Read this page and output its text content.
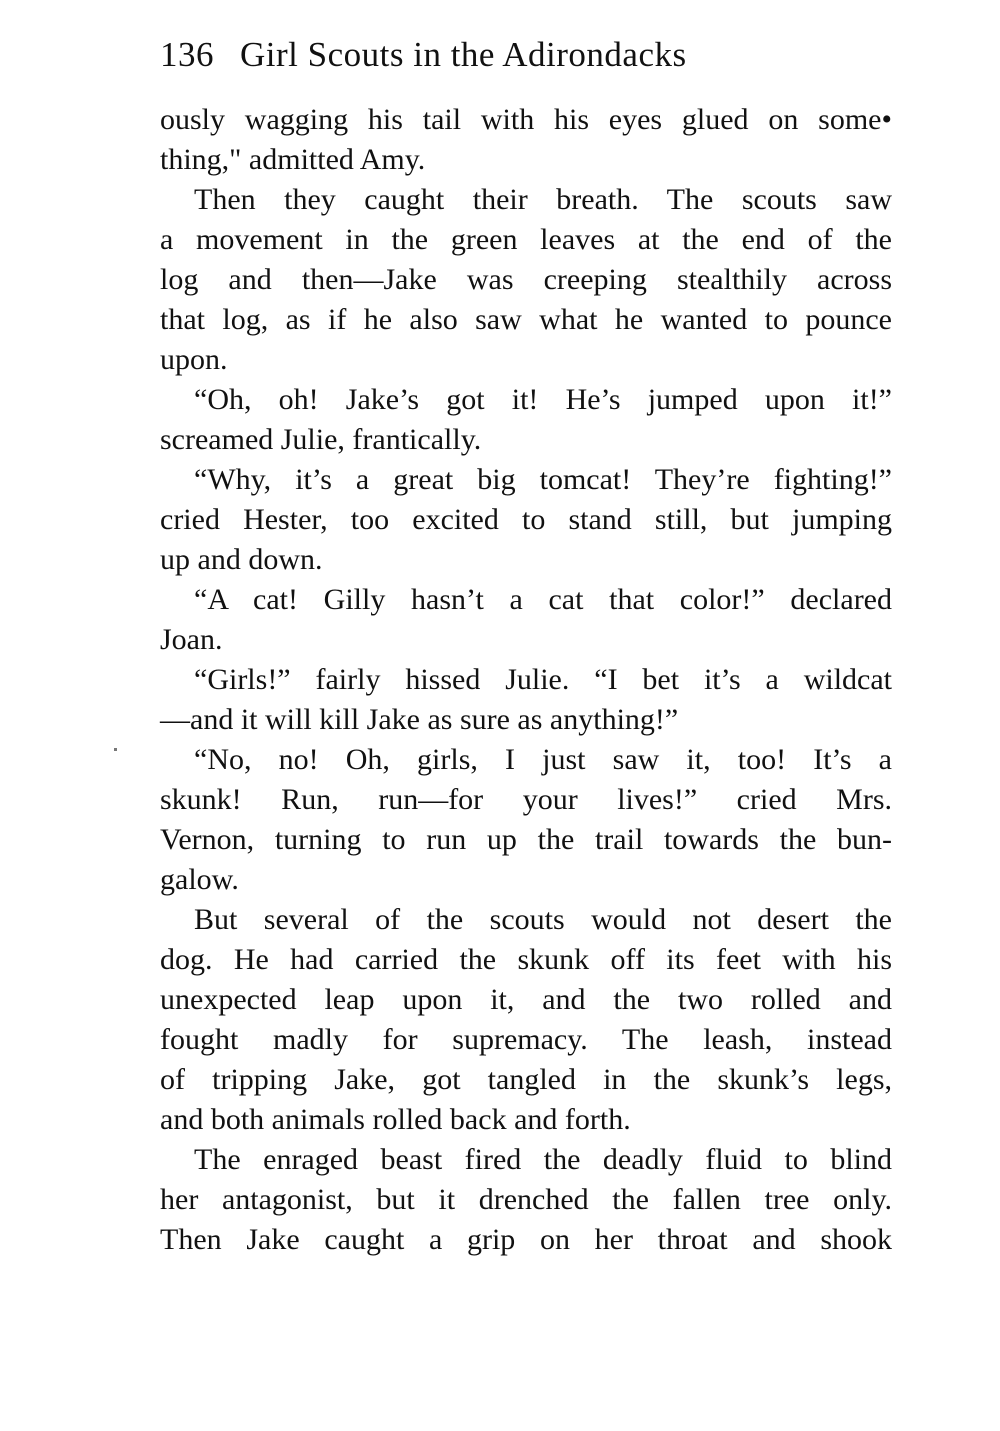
136 Girl Scouts in the Adirondacks
ously wagging his tail with his eyes glued on some•
thing," admitted Amy.
Then they caught their breath. The scouts saw
a movement in the green leaves at the end of the
log and then—Jake was creeping stealthily across
that log, as if he also saw what he wanted to pounce
upon.
“Oh, oh! Jake’s got it! He’s jumped upon it!”
screamed Julie, frantically.
“Why, it’s a great big tomcat! They’re fighting!”
cried Hester, too excited to stand still, but jumping
up and down.
“A cat! Gilly hasn’t a cat that color!” declared
Joan.
“Girls!” fairly hissed Julie. “I bet it’s a wildcat
—and it will kill Jake as sure as anything!”
“No, no! Oh, girls, I just saw it, too! It’s a
skunk! Run, run—for your lives!” cried Mrs.
Vernon, turning to run up the trail towards the bun-
galow.
But several of the scouts would not desert the
dog. He had carried the skunk off its feet with his
unexpected leap upon it, and the two rolled and
fought madly for supremacy. The leash, instead
of tripping Jake, got tangled in the skunk’s legs,
and both animals rolled back and forth.
The enraged beast fired the deadly fluid to blind
her antagonist, but it drenched the fallen tree only.
Then Jake caught a grip on her throat and shook
